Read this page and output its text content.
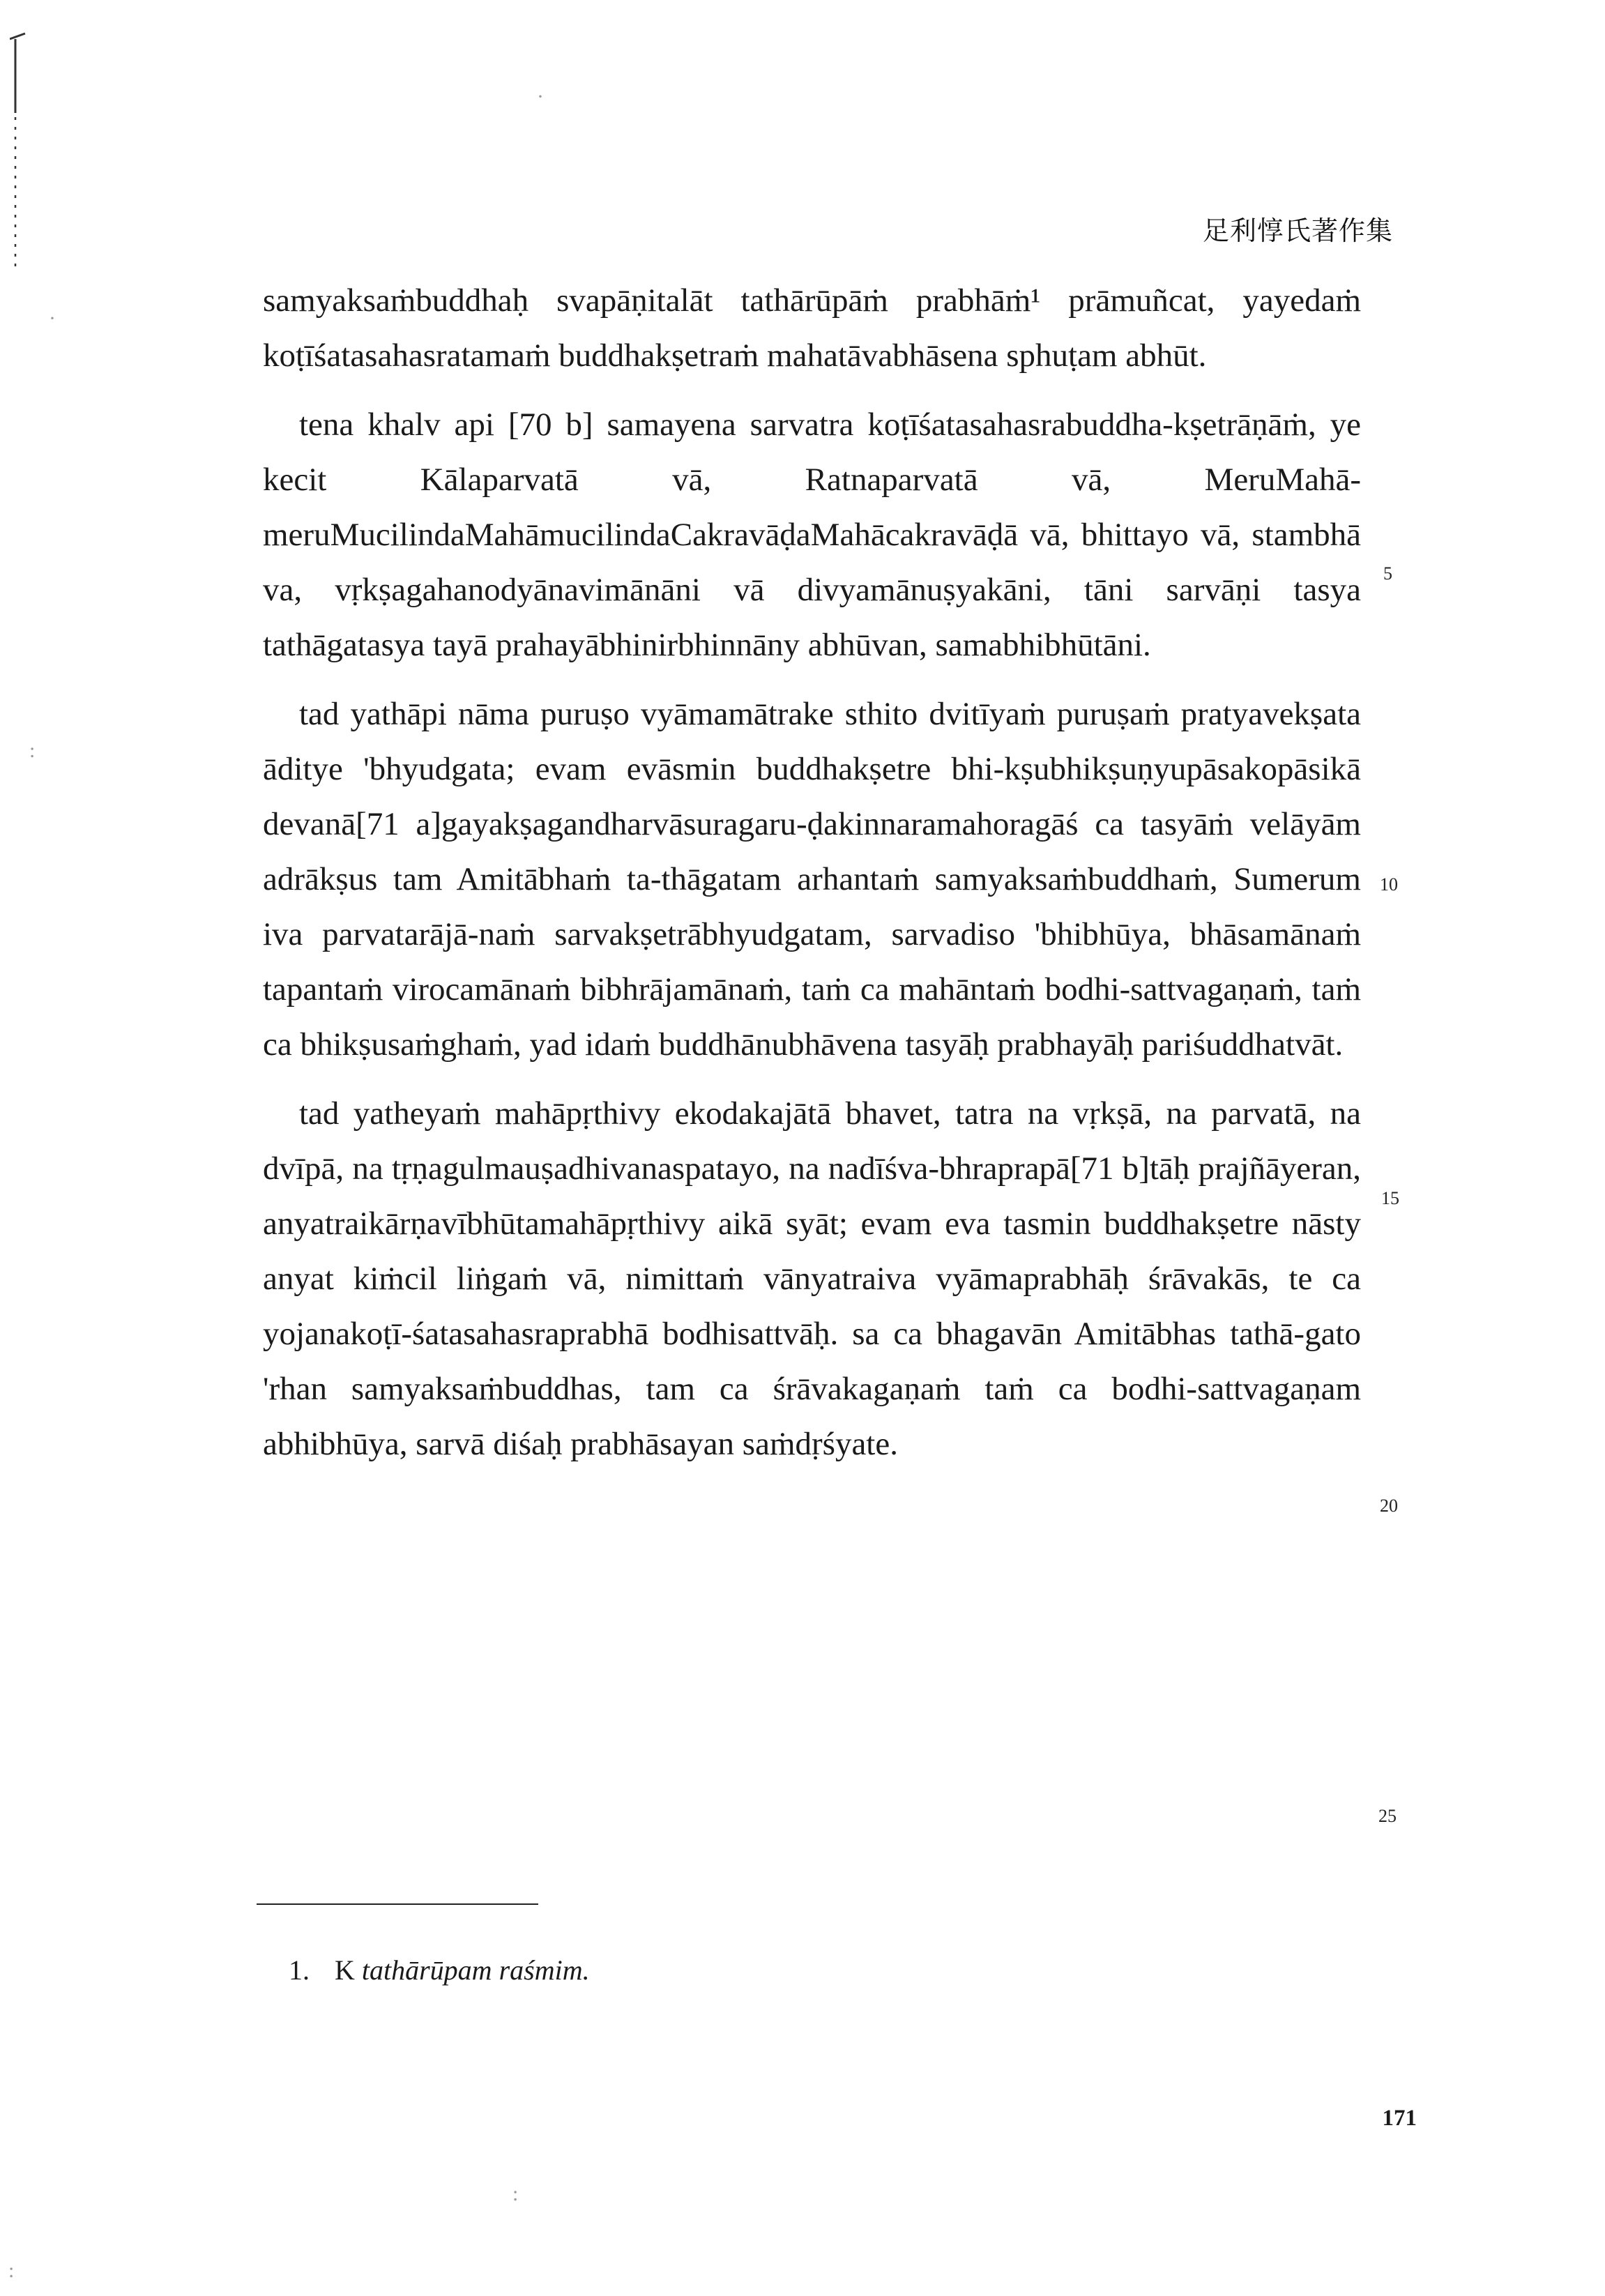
足利惇氏著作集

samyaksaṁbuddhaḥ svapāṇitalāt tathārūpāṁ prabhāṁ¹ prāmuñcat, yayedaṁ koṭīśatasahasratamaṁ buddhakṣetraṁ mahatāvabhāsena sphuṭam abhūt.

tena khalv api [70 b] samayena sarvatra koṭīśatasahasrabuddha-kṣetrāṇāṁ, ye kecit Kālaparvatā vā, Ratnaparvatā vā, MeruMahā-meruMucilindaMahāmucilindaCakravāḍaMahācakravāḍā vā, bhittayo vā, stambhā va, vṛkṣagahanodyānavimānāni vā divyamānuṣyakāni, tāni sarvāṇi tasya tathāgatasya tayā prahayābhinirbhinnāny abhūvan, samabhibhūtāni.

tad yathāpi nāma puruṣo vyāmamātrake sthito dvitīyaṁ puruṣaṁ pratyavekṣata āditye 'bhyudgata; evam evāsmin buddhakṣetre bhi-kṣubhikṣuṇyupāsakopāsikā devanā[71 a]gayakṣagandharvāsuragaru-ḍakinnaramahoragāś ca tasyāṁ velāyām adrākṣus tam Amitābhaṁ ta-thāgatam arhantaṁ samyaksaṁbuddhaṁ, Sumerum iva parvatarājā-naṁ sarvakṣetrābhyudgatam, sarvadiso 'bhibhūya, bhāsamānaṁ tapantaṁ virocamānaṁ bibhrājamānaṁ, taṁ ca mahāntaṁ bodhi-sattvagaṇaṁ, taṁ ca bhikṣusaṁghaṁ, yad idaṁ buddhānubhāvena tasyāḥ prabhayāḥ pariśuddhatvāt.

tad yatheyaṁ mahāpṛthivy ekodakajātā bhavet, tatra na vṛkṣā, na parvatā, na dvīpā, na tṛṇagulmauṣadhivanaspatayo, na nadīśva-bhraprapā[71 b]tāḥ prajñāyeran, anyatraikārṇavībhūtamahāpṛthivy aikā syāt; evam eva tasmin buddhakṣetre nāsty anyat kiṁcil liṅgaṁ vā, nimittaṁ vānyatraiva vyāmaprabhāḥ śrāvakās, te ca yojanakoṭī-śatasahasraprabhā bodhisattvāḥ. sa ca bhagavān Amitābhas tathā-gato 'rhan samyaksaṁbuddhas, tam ca śrāvakagaṇaṁ taṁ ca bodhi-sattvagaṇam abhibhūya, sarvā diśaḥ prabhāsayan saṁdṛśyate.

5
10
15
20
25
1. K tathārūpam raśmim.
171
·
·
:
:
:
